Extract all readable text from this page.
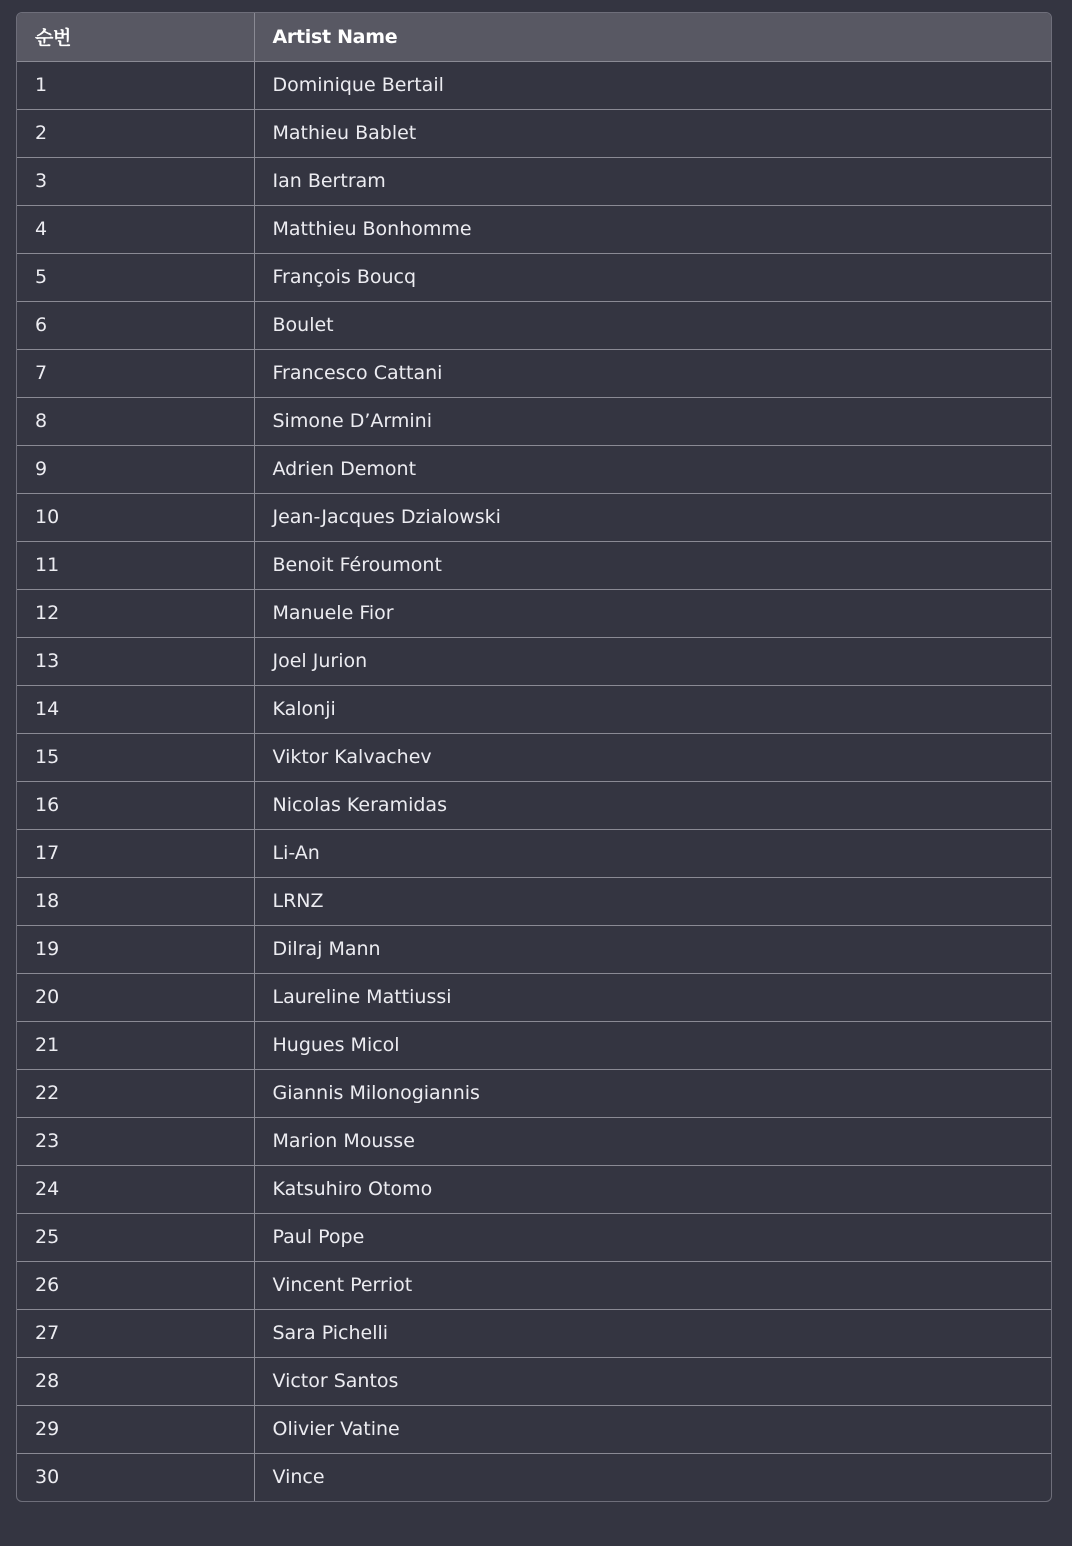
순번	Artist Name
1	Dominique Bertail
2	Mathieu Bablet
3	Ian Bertram
4	Matthieu Bonhomme
5	François Boucq
6	Boulet
7	Francesco Cattani
8	Simone D’Armini
9	Adrien Demont
10	Jean-Jacques Dzialowski
11	Benoit Féroumont
12	Manuele Fior
13	Joel Jurion
14	Kalonji
15	Viktor Kalvachev
16	Nicolas Keramidas
17	Li-An
18	LRNZ
19	Dilraj Mann
20	Laureline Mattiussi
21	Hugues Micol
22	Giannis Milonogiannis
23	Marion Mousse
24	Katsuhiro Otomo
25	Paul Pope
26	Vincent Perriot
27	Sara Pichelli
28	Victor Santos
29	Olivier Vatine
30	Vince
